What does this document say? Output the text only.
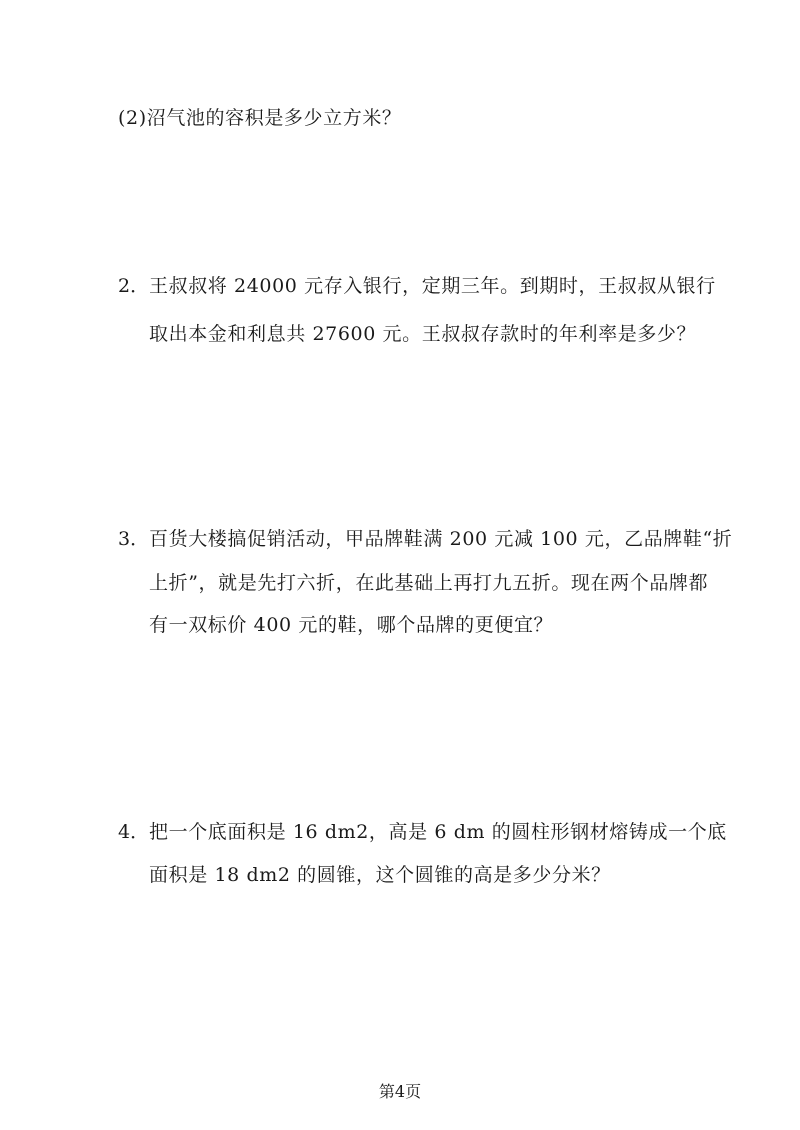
(2)沼气池的容积是多少立方米？
2． 王叔叔将 24000 元存入银行，定期三年。到期时，王叔叔从银行
取出本金和利息共 27600 元。王叔叔存款时的年利率是多少？
3． 百货大楼搞促销活动，甲品牌鞋满 200 元减 100 元，乙品牌鞋“折
上折”，就是先打六折，在此基础上再打九五折。现在两个品牌都
有一双标价 400 元的鞋，哪个品牌的更便宜？
4． 把一个底面积是 16 dm2，高是 6 dm 的圆柱形钢材熔铸成一个底
面积是 18 dm2 的圆锥，这个圆锥的高是多少分米？
第4页
